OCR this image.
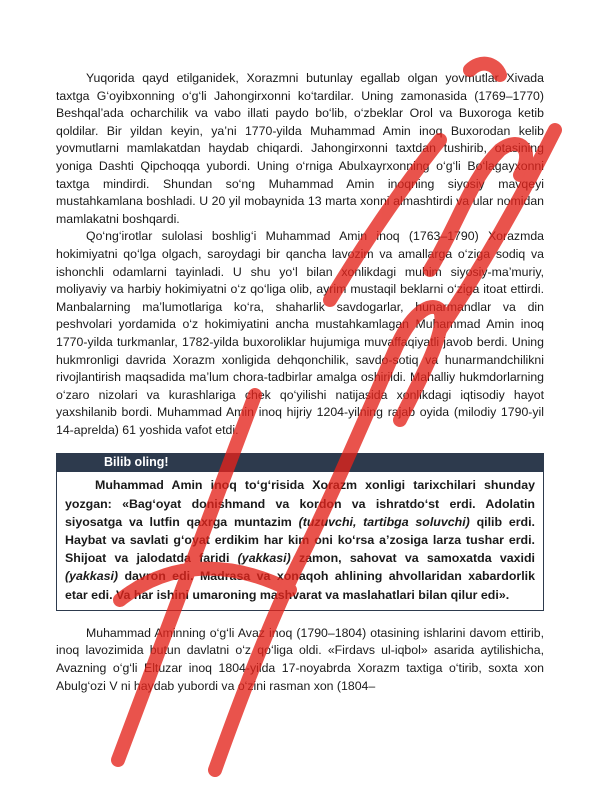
Yuqorida qayd etilganidek, Xorazmni butunlay egallab olgan yovmutlar Xivada taxtga G‘oyibxonning o‘g‘li Jahongirxonni ko‘tardilar. Uning zamonasida (1769–1770) Beshqal’ada ocharchilik va vabo illati paydo bo‘lib, o‘zbeklar Orol va Buxoroga ketib qoldilar. Bir yildan keyin, ya’ni 1770-yilda Muhammad Amin inoq Buxorodan kelib yovmutlarni mamlakatdan haydab chiqardi. Jahongirxonni taxtdan tushirib, otasining yoniga Dashti Qipchoqqa yubordi. Uning o‘rniga Abulxayrxonning o‘g‘li Bo‘lagayxonni taxtga mindirdi. Shundan so‘ng Muhammad Amin inoqning siyosiy mavqeyi mustahkamlana boshladi. U 20 yil mobaynida 13 marta xonni almashtirdi va ular nomidan mamlakatni boshqardi.

Qo‘ng‘irotlar sulolasi boshlig‘i Muhammad Amin inoq (1763–1790) Xorazmda hokimiyatni qo‘lga olgach, saroydagi bir qancha lavozim va amallarga o‘ziga sodiq va ishonchli odamlarni tayinladi. U shu yo‘l bilan xonlikdagi muhim siyosiy-ma’muriy, moliyaviy va harbiy hokimiyatni o‘z qo‘liga olib, ayrim mustaqil beklarni o‘ziga itoat ettirdi. Manbalarning ma’lumotlariga ko‘ra, shaharlik savdogarlar, hunarmandlar va din peshvolari yordamida o‘z hokimiyatini ancha mustahkamlagan Muhammad Amin inoq 1770-yilda turkmanlar, 1782-yilda buxoroliklar hujumiga muvaffaqiyatli javob berdi. Uning hukmronligi davrida Xorazm xonligida dehqonchilik, savdo-sotiq va hunarmandchilikni rivojlantirish maqsadida ma’lum chora-tadbirlar amalga oshirildi. Mahalliy hukmdorlarning o‘zaro nizolari va kurashlariga chek qo‘yilishi natijasida xonlikdagi iqtisodiy hayot yaxshilanib bordi. Muhammad Amin inoq hijriy 1204-yilning rajab oyida (milodiy 1790-yil 14-aprelda) 61 yoshida vafot etdi.

Bilib oling!
Muhammad Amin inoq to‘g‘risida Xorazm xonligi tarixchilari shunday yozgan: «Bag‘oyat donishmand va kordon va ishratdo‘st erdi. Adolatin siyosatga va lutfin qaxrga muntazim (tuzuvchi, tartibga soluvchi) qilib erdi. Haybat va savlati g‘oyat erdikim har kim oni ko‘rsa a’zosiga larza tushar erdi. Shijoat va jalodatda faridi (yakkasi) zamon, sahovat va samoxatda vaxidi (yakkasi) davron edi. Madrasa va xonaqoh ahlining ahvollaridan xabardorlik etar edi. Va har ishini umaroning mashvarat va maslahatlari bilan qilur edi».

Muhammad Aminning o‘g‘li Avaz inoq (1790–1804) otasining ishlarini davom ettirib, inoq lavozimida butun davlatni o‘z qo‘liga oldi. «Firdavs ul-iqbol» asarida aytilishicha, Avazning o‘g‘li Eltuzar inoq 1804-yilda 17-noyabrda Xorazm taxtiga o‘tirib, soxta xon Abulg‘ozi V ni haydab yubordi va o‘zini rasman xon (1804–
